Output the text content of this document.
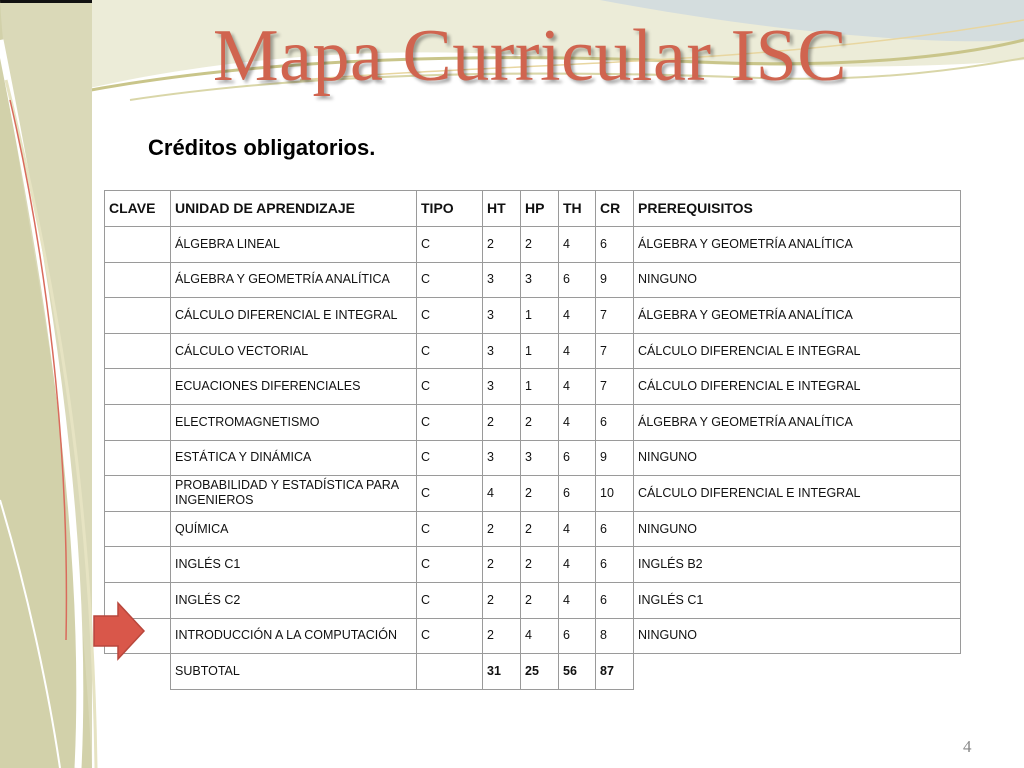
Mapa Curricular ISC
Créditos obligatorios.
CLAVE	UNIDAD DE APRENDIZAJE	TIPO	HT	HP	TH	CR	PREREQUISITOS
	ÁLGEBRA LINEAL	C	2	2	4	6	ÁLGEBRA Y GEOMETRÍA ANALÍTICA
	ÁLGEBRA Y GEOMETRÍA ANALÍTICA	C	3	3	6	9	NINGUNO
	CÁLCULO DIFERENCIAL E INTEGRAL	C	3	1	4	7	ÁLGEBRA Y GEOMETRÍA ANALÍTICA
	CÁLCULO VECTORIAL	C	3	1	4	7	CÁLCULO DIFERENCIAL E INTEGRAL
	ECUACIONES DIFERENCIALES	C	3	1	4	7	CÁLCULO DIFERENCIAL E INTEGRAL
	ELECTROMAGNETISMO	C	2	2	4	6	ÁLGEBRA Y GEOMETRÍA ANALÍTICA
	ESTÁTICA Y DINÁMICA	C	3	3	6	9	NINGUNO
	PROBABILIDAD Y ESTADÍSTICA PARA INGENIEROS	C	4	2	6	10	CÁLCULO DIFERENCIAL E INTEGRAL
	QUÍMICA	C	2	2	4	6	NINGUNO
	INGLÉS C1	C	2	2	4	6	INGLÉS B2
	INGLÉS C2	C	2	2	4	6	INGLÉS C1
	INTRODUCCIÓN A LA COMPUTACIÓN	C	2	4	6	8	NINGUNO
	SUBTOTAL		31	25	56	87	
4
